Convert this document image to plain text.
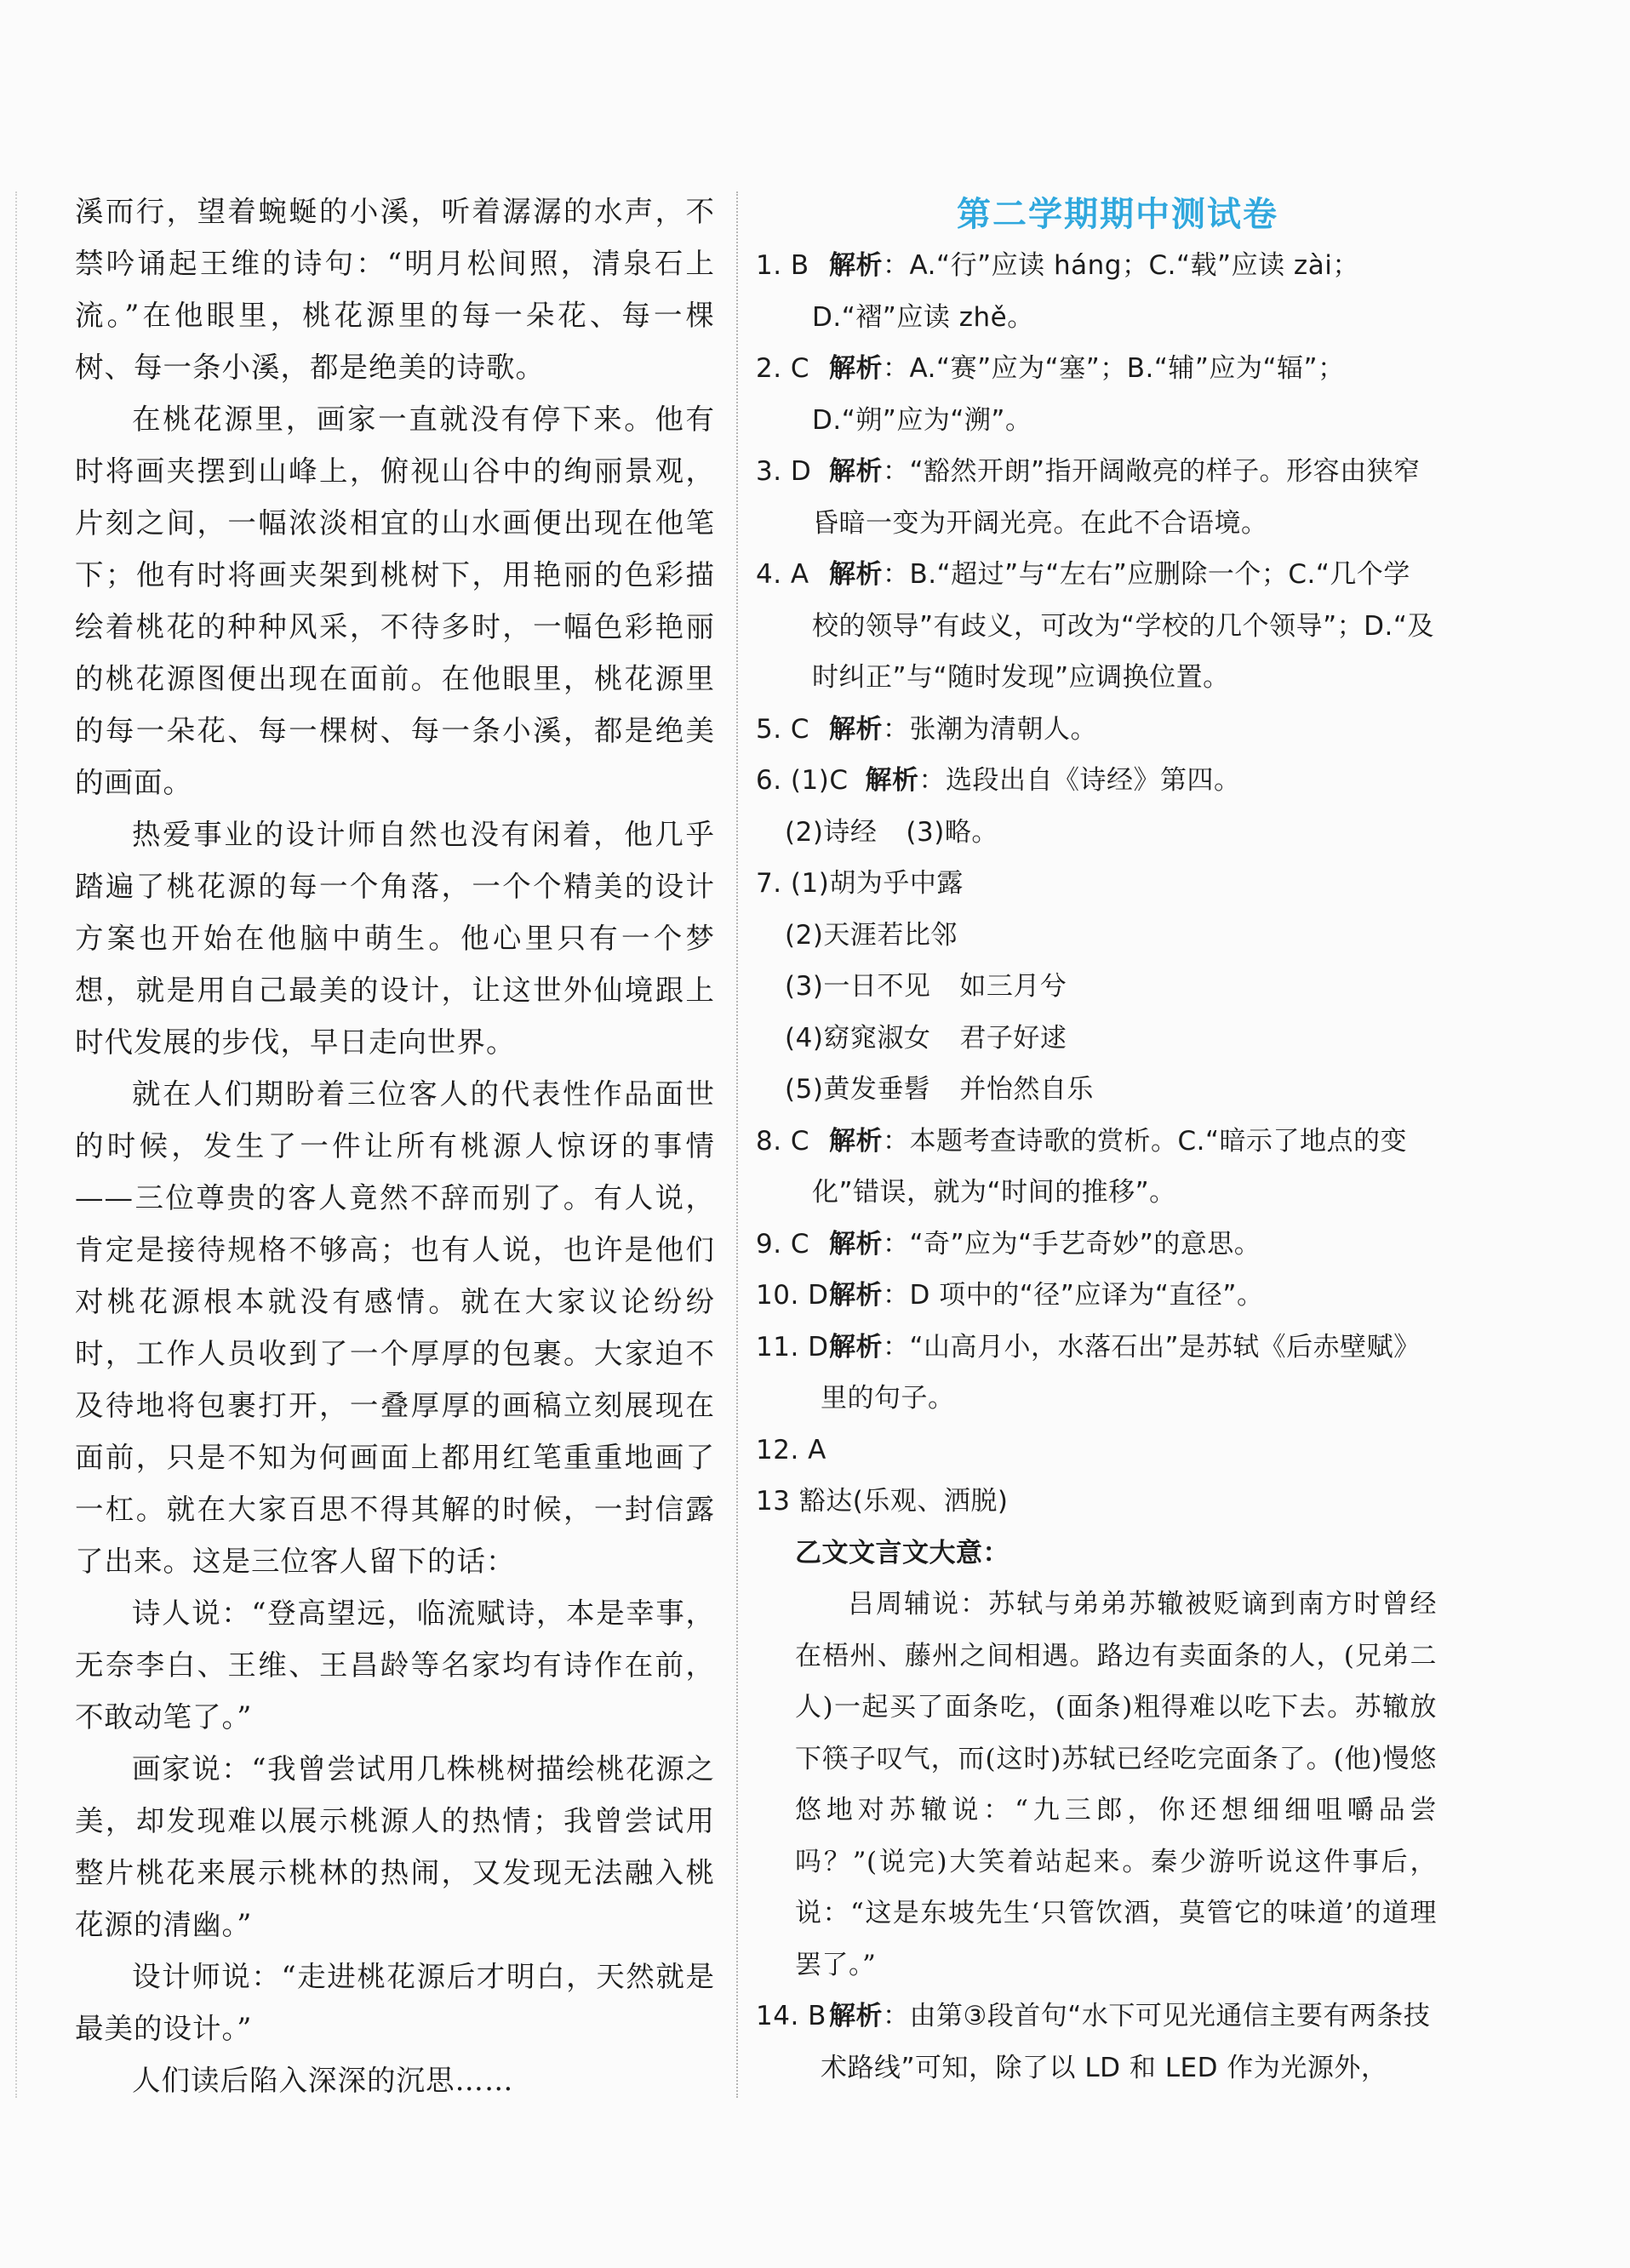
溪而行，望着蜿蜒的小溪，听着潺潺的水声，不禁吟诵起王维的诗句：“明月松间照，清泉石上流。”在他眼里，桃花源里的每一朵花、每一棵树、每一条小溪，都是绝美的诗歌。

在桃花源里，画家一直就没有停下来。他有时将画夹摆到山峰上，俯视山谷中的绚丽景观，片刻之间，一幅浓淡相宜的山水画便出现在他笔下；他有时将画夹架到桃树下，用艳丽的色彩描绘着桃花的种种风采，不待多时，一幅色彩艳丽的桃花源图便出现在面前。在他眼里，桃花源里的每一朵花、每一棵树、每一条小溪，都是绝美的画面。

热爱事业的设计师自然也没有闲着，他几乎踏遍了桃花源的每一个角落，一个个精美的设计方案也开始在他脑中萌生。他心里只有一个梦想，就是用自己最美的设计，让这世外仙境跟上时代发展的步伐，早日走向世界。

就在人们期盼着三位客人的代表性作品面世的时候，发生了一件让所有桃源人惊讶的事情——三位尊贵的客人竟然不辞而别了。有人说，肯定是接待规格不够高；也有人说，也许是他们对桃花源根本就没有感情。就在大家议论纷纷时，工作人员收到了一个厚厚的包裹。大家迫不及待地将包裹打开，一叠厚厚的画稿立刻展现在面前，只是不知为何画面上都用红笔重重地画了一杠。就在大家百思不得其解的时候，一封信露了出来。这是三位客人留下的话：

诗人说：“登高望远，临流赋诗，本是幸事，无奈李白、王维、王昌龄等名家均有诗作在前，不敢动笔了。”

画家说：“我曾尝试用几株桃树描绘桃花源之美，却发现难以展示桃源人的热情；我曾尝试用整片桃花来展示桃林的热闹，又发现无法融入桃花源的清幽。”

设计师说：“走进桃花源后才明白，天然就是最美的设计。”

人们读后陷入深深的沉思……

第二学期期中测试卷
1. B 解析：A.“行”应读 háng；C.“载”应读 zài；D.“褶”应读 zhě。
2. C 解析：A.“赛”应为“塞”；B.“辅”应为“辐”；D.“朔”应为“溯”。
3. D 解析：“豁然开朗”指开阔敞亮的样子。形容由狭窄昏暗一变为开阔光亮。在此不合语境。
4. A 解析：B.“超过”与“左右”应删除一个；C.“几个学校的领导”有歧义，可改为“学校的几个领导”；D.“及时纠正”与“随时发现”应调换位置。
5. C 解析：张潮为清朝人。
6. (1)C 解析：选段出自《诗经》第四。
(2)诗经 (3)略。
7. (1)胡为乎中露
(2)天涯若比邻
(3)一日不见 如三月兮
(4)窈窕淑女 君子好逑
(5)黄发垂髫 并怡然自乐
8. C 解析：本题考查诗歌的赏析。C.“暗示了地点的变化”错误，就为“时间的推移”。
9. C 解析：“奇”应为“手艺奇妙”的意思。
10. D 解析：D 项中的“径”应译为“直径”。
11. D 解析：“山高月小，水落石出”是苏轼《后赤壁赋》里的句子。
12. A
13 豁达(乐观、洒脱)
乙文文言文大意：
吕周辅说：苏轼与弟弟苏辙被贬谪到南方时曾经在梧州、藤州之间相遇。路边有卖面条的人，(兄弟二人)一起买了面条吃，(面条)粗得难以吃下去。苏辙放下筷子叹气，而(这时)苏轼已经吃完面条了。(他)慢悠悠地对苏辙说：“九三郎，你还想细细咀嚼品尝吗？”(说完)大笑着站起来。秦少游听说这件事后，说：“这是东坡先生‘只管饮酒，莫管它的味道’的道理罢了。”
14. B 解析：由第③段首句“水下可见光通信主要有两条技术路线”可知，除了以 LD 和 LED 作为光源外，
